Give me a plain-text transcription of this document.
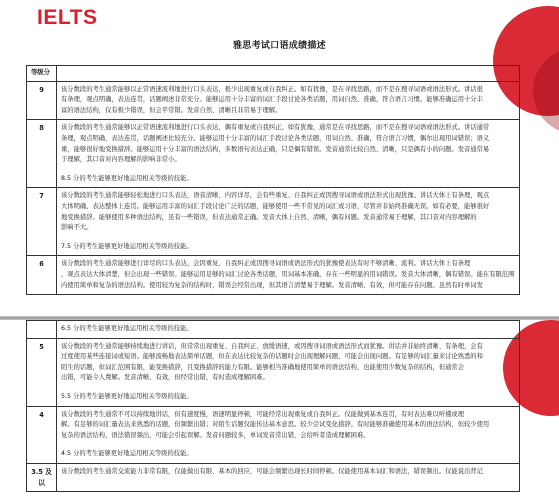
IELTS
雅思考试口语成绩描述
等级分	
9	该分数段的考生通常能够以正常语速流利地进行口头表达，极少出现重复或自我纠正。如有犹豫，是在寻找思路，而不是在搜寻词语或语法形式。讲话很
有条理，观点明确，表达连贯，话题阐述非常充分。能够运用十分丰富的词汇手段讨论各类话题，用词自然、准确，符合语言习惯。能够准确运用十分丰
富的语法结构，仅有极少错误，但会平常错。发音自然、清晰且非常易于理解。

8	该分数段的考生通常能够以正常语速流利地进行口头表达，偶有重复或自我纠正。如有犹豫，通常是在寻找思路，而不是在搜寻词语或语法形式。讲话通常
条理，观点明确，表达连贯，话题阐述比较充分。能够运用十分丰富的词汇手段讨论各类话题，用词自然、准确，符合语言习惯，偶尔出现用词错误；语义
重，能够很好地变换措辞。能够运用十分丰富的语法结构，多数语句表达正确，只是偶有错误。发音通常比较自然、清晰，只是偶有小的问题。发音通常易
于理解，其口音对内容理解的影响非常小。
8.5 分的考生能够更好地运用相关等级的技能。

7	该分数段的考生通常能够轻松地进行口头表达，语音清晰、内容详尽，会有些重复、自我纠正或因搜寻词语或语法形式出现犹豫。讲话大体上有条理，观点
大体明确，表达整体上连贯。能够运用丰富的词汇手段讨论广泛的话题，能够使用一些不常见的词汇或习语，尽管并非始终准确无误。如有必要，能够很好
地变换措辞。能够使用多种语法结构，虽有一些错误，但表达通常正确。发音大体上自然、清晰，偶有问题。发音通常易于理解，其口音对内容理解的
影响不大。
7.5 分的考生能够更好地运用相关等级的技能。

6	该分数段的考生通常能够进行详尽的口头表达，会因重复、自我纠正或因搜寻词语或语法形式的犹豫使表达有时不够清晰、流利。讲话大体上有条理
，观点表达大体清楚，但会出现一些错误。能够运用足够的词汇讨论各类话题，用词基本准确，存在一些明显的用词错误。发音大体清晰，偶有错误。能在有限范围
内使用简单和复杂的语法结构。使用较为复杂的结构时，错误会经常出现，但其语言清楚易于理解。发音清晰、有效，但可能存在问题。虽然有时单词发

	6.5 分的考生能够更好地运用相关等级的技能。

5	该分数段的考生通常能够持续地进行讲话，但常常出现重复、自我纠正、放缓语速，或因搜寻词语或语法形式而犹豫。讲话并非始终清晰、有条理，会有
过度使用某些连接词或短语。能够流畅地表达简单话题，但在表达比较复杂的话题时会出现理解问题，可能会出现问题。有足够的词汇量来讨论熟悉的和
陌生的话题，但词汇范围有限，能变换措辞，且变换措辞的能力有限。能够相当准确地使用简单的语法结构，也能使用少数复杂的结构，但通常会
出错，可能令人费解。发音清晰、有效，但经常出错，有时造成理解困难。
5.5 分的考生能够更好地运用相关等级的技能。

4	该分数段的考生通常不可以持续地讲话，但有速度慢，语速明显停顿，可能经常出现重复或自我纠正。仅能做到基本连贯，有时表达难以听懂或理
解。有足够的词汇量表达来熟悉的话题，但频繁出错；对陌生话题仅能传达基本意思。较少尝试变化措辞。有时能够准确使用基本的语法结构，但较少使用
复杂的语法结构，语法错误频出，可能会引起误解。发音问题较多，单词发音常出错，会给听者造成理解困难。
4.5 分的考生能够更好地运用相关等级的技能。

3.5 及以	该分数段的考生通常交流能力非常有限，仅能做出有限、基本的回应，可能会频繁出现长时间停顿。仅能使用基本词汇和语法，错误频出。仅能说出背记
